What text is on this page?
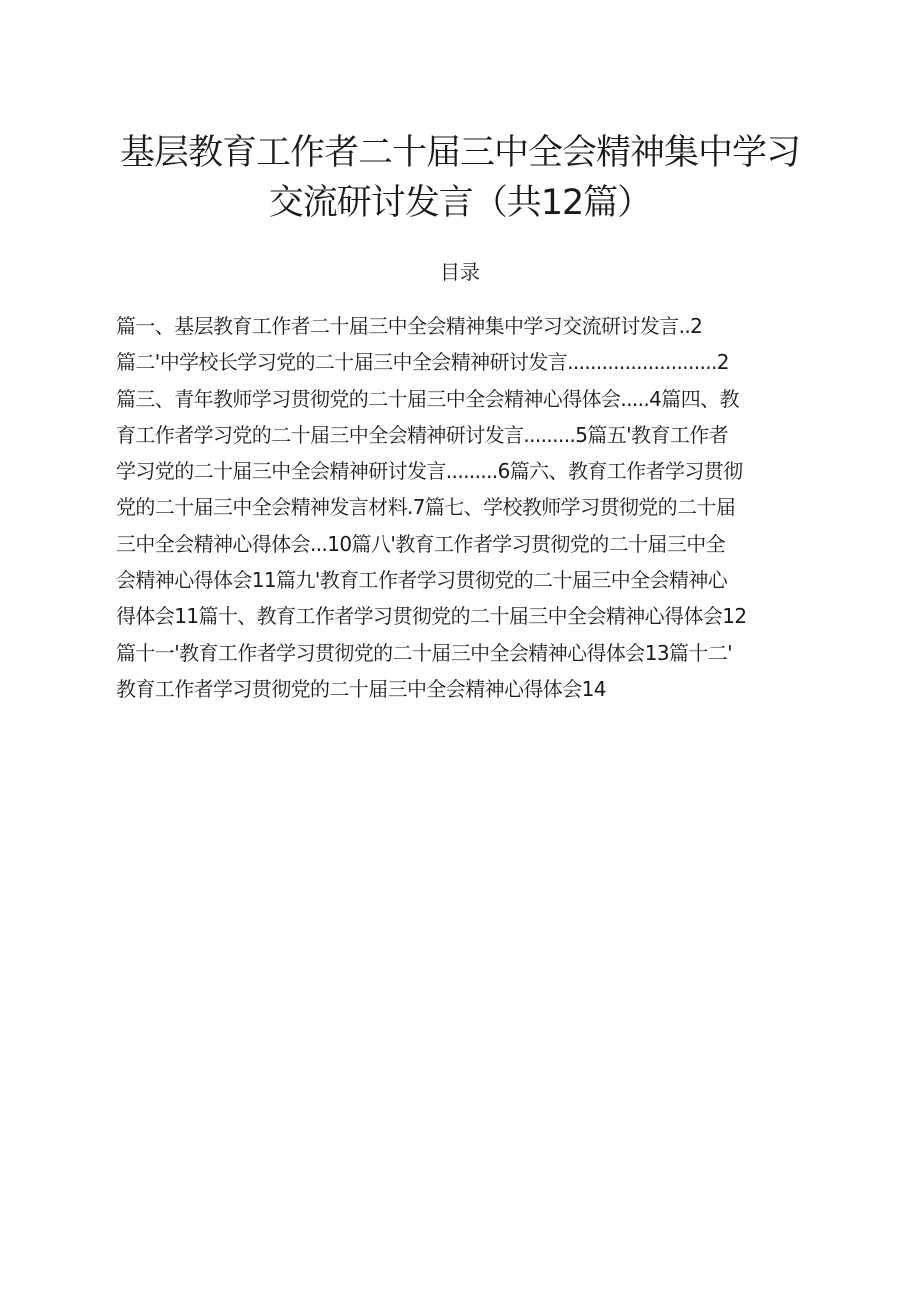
基层教育工作者二十届三中全会精神集中学习
交流研讨发言（共12篇）
目录
篇一、基层教育工作者二十届三中全会精神集中学习交流研讨发言..2
篇二'中学校长学习党的二十届三中全会精神研讨发言..........................2
篇三、青年教师学习贯彻党的二十届三中全会精神心得体会.....4篇四、教
育工作者学习党的二十届三中全会精神研讨发言.........5篇五'教育工作者
学习党的二十届三中全会精神研讨发言.........6篇六、教育工作者学习贯彻
党的二十届三中全会精神发言材料.7篇七、学校教师学习贯彻党的二十届
三中全会精神心得体会...10篇八'教育工作者学习贯彻党的二十届三中全
会精神心得体会11篇九'教育工作者学习贯彻党的二十届三中全会精神心
得体会11篇十、教育工作者学习贯彻党的二十届三中全会精神心得体会12
篇十一'教育工作者学习贯彻党的二十届三中全会精神心得体会13篇十二'
教育工作者学习贯彻党的二十届三中全会精神心得体会14
